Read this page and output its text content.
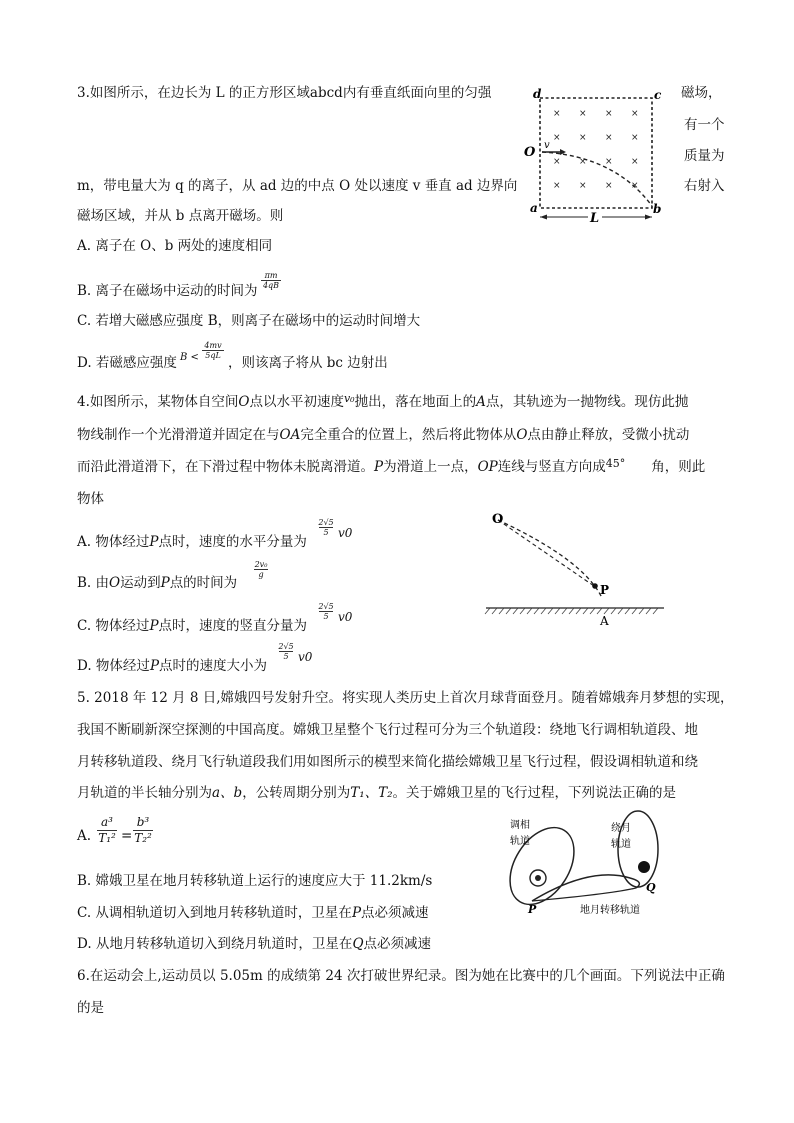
3.如图所示，在边长为 L 的正方形区域abcd内有垂直纸面向里的匀强	磁场，
有一个
质量为
m，带电量大为 q 的离子，从 ad 边的中点 O 处以速度 v 垂直 ad 边界向	右射入
磁场区域，并从 b 点离开磁场。则
×
×
×
×
×
×
×
×
×
×
×
×
×
×
×
×
d	c
a	b
O v
L
A. 离子在 O、b 两处的速度相同
B. 离子在磁场中运动的时间为
πm
4qB
C. 若增大磁感应强度 B，则离子在磁场中的运动时间增大
D. 若磁感应强度 B <
4mv
5qL ，则该离子将从 bc 边射出
4.如图所示，某物体自空间O点以水平初速度$^{v_0}$抛出，落在地面上的A点，其轨迹为一抛物线。现仿此抛
物线制作一个光滑滑道并固定在与OA完全重合的位置上，然后将此物体从O点由静止释放，受微小扰动
而沿此滑道滑下，在下滑过程中物体未脱离滑道。P为滑道上一点，OP连线与竖直方向成$^{45^\circ}$ 角，则此
物体
A. 物体经过P点时，速度的水平分量为
2√5
5 v0
B. 由O运动到P点的时间为
2v₀
g
C. 物体经过P点时，速度的竖直分量为
2√5
5 v0
D. 物体经过P点时的速度大小为
2√5
5 v0
O
P
A
5. 2018 年 12 月 8 日,嫦娥四号发射升空。将实现人类历史上首次月球背面登月。随着嫦娥奔月梦想的实现，
我国不断刷新深空探测的中国高度。嫦娥卫星整个飞行过程可分为三个轨道段：绕地飞行调相轨道段、地
月转移轨道段、绕月飞行轨道段我们用如图所示的模型来简化描绘嫦娥卫星飞行过程，假设调相轨道和绕
月轨道的半长轴分别为a、b，公转周期分别为T₁、T₂。关于嫦娥卫星的飞行过程，下列说法正确的是
A.
a³
T₁² =
b³
T₂²
B. 嫦娥卫星在地月转移轨道上运行的速度应大于 11.2km/s
C. 从调相轨道切入到地月转移轨道时，卫星在P点必须减速
D. 从地月转移轨道切入到绕月轨道时，卫星在Q点必须减速
调相
轨道
绕月
轨道
P
Q
地月转移轨道
6.在运动会上,运动员以 5.05m 的成绩第 24 次打破世界纪录。图为她在比赛中的几个画面。下列说法中正确
的是
